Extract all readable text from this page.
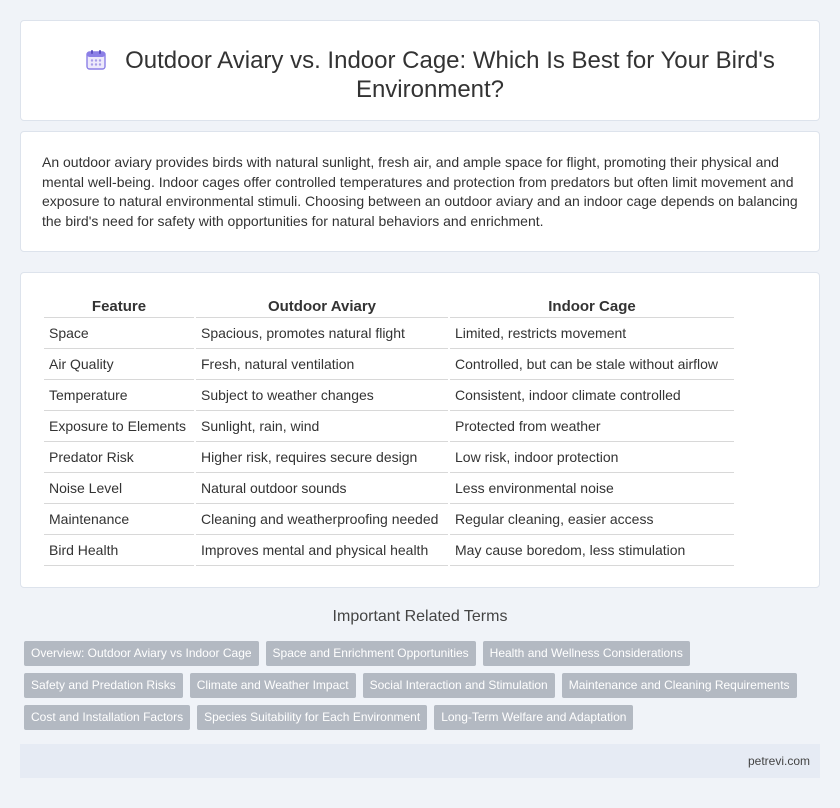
Outdoor Aviary vs. Indoor Cage: Which Is Best for Your Bird's Environment?

An outdoor aviary provides birds with natural sunlight, fresh air, and ample space for flight, promoting their physical and mental well-being. Indoor cages offer controlled temperatures and protection from predators but often limit movement and exposure to natural environmental stimuli. Choosing between an outdoor aviary and an indoor cage depends on balancing the bird's need for safety with opportunities for natural behaviors and enrichment.

Feature	Outdoor Aviary	Indoor Cage
Space	Spacious, promotes natural flight	Limited, restricts movement
Air Quality	Fresh, natural ventilation	Controlled, but can be stale without airflow
Temperature	Subject to weather changes	Consistent, indoor climate controlled
Exposure to Elements	Sunlight, rain, wind	Protected from weather
Predator Risk	Higher risk, requires secure design	Low risk, indoor protection
Noise Level	Natural outdoor sounds	Less environmental noise
Maintenance	Cleaning and weatherproofing needed	Regular cleaning, easier access
Bird Health	Improves mental and physical health	May cause boredom, less stimulation
Important Related Terms
Overview: Outdoor Aviary vs Indoor Cage	Space and Enrichment Opportunities	Health and Wellness Considerations
Safety and Predation Risks	Climate and Weather Impact	Social Interaction and Stimulation	Maintenance and Cleaning Requirements
Cost and Installation Factors	Species Suitability for Each Environment	Long-Term Welfare and Adaptation
petrevi.com
